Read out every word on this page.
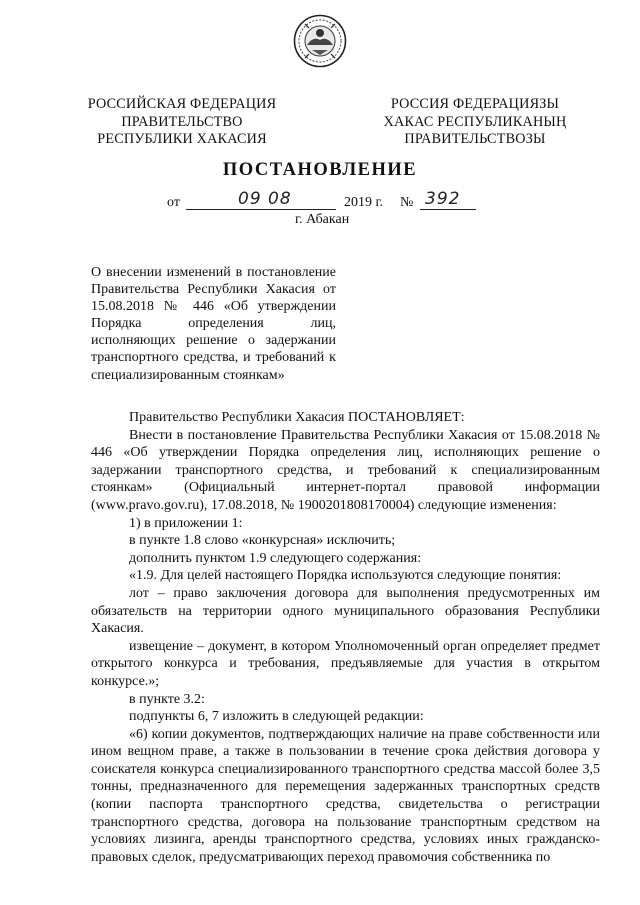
РОССИЙСКАЯ ФЕДЕРАЦИЯ
ПРАВИТЕЛЬСТВО
РЕСПУБЛИКИ ХАКАСИЯ
РОССИЯ ФЕДЕРАЦИЯЗЫ
ХАКАС РЕСПУБЛИКАНЫҢ
ПРАВИТЕЛЬСТВОЗЫ
ПОСТАНОВЛЕНИЕ
от	09 08	2019 г. № 392
г. Абакан
О внесении изменений в постановление Правительства Республики Хакасия от 15.08.2018 № 446 «Об утверждении Порядка определения лиц, исполняющих решение о задержании транспортного средства, и требований к специализированным стоянкам»

Правительство Республики Хакасия ПОСТАНОВЛЯЕТ:

Внести в постановление Правительства Республики Хакасия от 15.08.2018 № 446 «Об утверждении Порядка определения лиц, исполняющих решение о задержании транспортного средства, и требований к специализированным стоянкам» (Официальный интернет-портал правовой информации (www.pravo.gov.ru), 17.08.2018, № 1900201808170004) следующие изменения:

1) в приложении 1:

в пункте 1.8 слово «конкурсная» исключить;

дополнить пунктом 1.9 следующего содержания:

«1.9. Для целей настоящего Порядка используются следующие понятия:

лот – право заключения договора для выполнения предусмотренных им обязательств на территории одного муниципального образования Республики Хакасия.

извещение – документ, в котором Уполномоченный орган определяет предмет открытого конкурса и требования, предъявляемые для участия в открытом конкурсе.»;

в пункте 3.2:

подпункты 6, 7 изложить в следующей редакции:

«6) копии документов, подтверждающих наличие на праве собственности или ином вещном праве, а также в пользовании в течение срока действия договора у соискателя конкурса специализированного транспортного средства массой более 3,5 тонны, предназначенного для перемещения задержанных транспортных средств (копии паспорта транспортного средства, свидетельства о регистрации транспортного средства, договора на пользование транспортным средством на условиях лизинга, аренды транспортного средства, условиях иных гражданско-правовых сделок, предусматривающих переход правомочия собственника по
